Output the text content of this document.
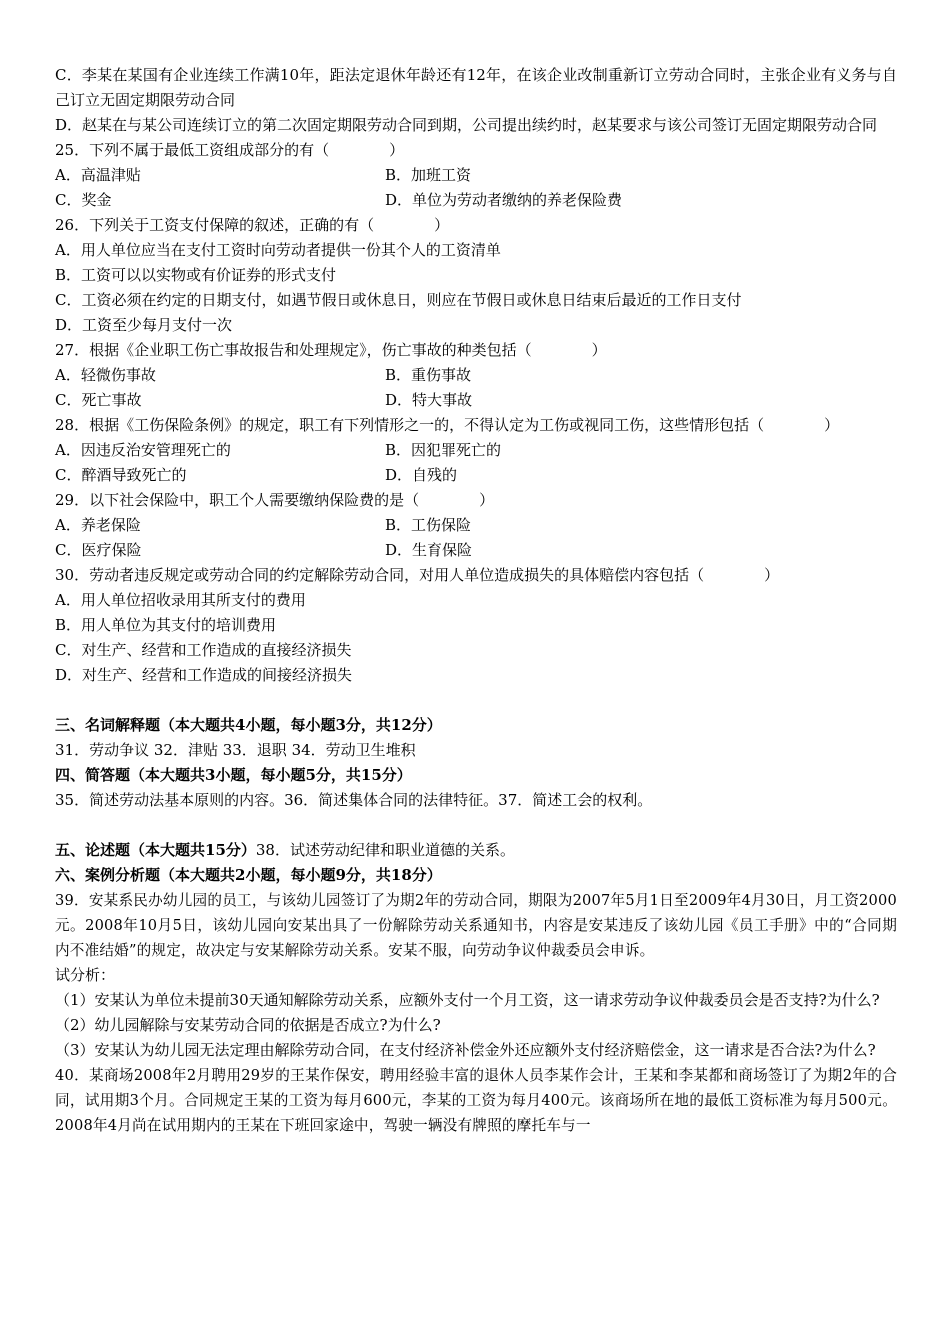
C．李某在某国有企业连续工作满10年，距法定退休年龄还有12年，在该企业改制重新订立劳动合同时，主张企业有义务与自己订立无固定期限劳动合同

D．赵某在与某公司连续订立的第二次固定期限劳动合同到期，公司提出续约时，赵某要求与该公司签订无固定期限劳动合同

25．下列不属于最低工资组成部分的有（　　　　）

A．高温津贴	B．加班工资
C．奖金	D．单位为劳动者缴纳的养老保险费

26．下列关于工资支付保障的叙述，正确的有（　　　　）

A．用人单位应当在支付工资时向劳动者提供一份其个人的工资清单

B．工资可以以实物或有价证券的形式支付

C．工资必须在约定的日期支付，如遇节假日或休息日，则应在节假日或休息日结束后最近的工作日支付

D．工资至少每月支付一次

27．根据《企业职工伤亡事故报告和处理规定》，伤亡事故的种类包括（　　　　）

A．轻微伤事故	B．重伤事故
C．死亡事故	D．特大事故

28．根据《工伤保险条例》的规定，职工有下列情形之一的，不得认定为工伤或视同工伤，这些情形包括（　　　　）

A．因违反治安管理死亡的	B．因犯罪死亡的
C．醉酒导致死亡的	D．自残的

29．以下社会保险中，职工个人需要缴纳保险费的是（　　　　）

A．养老保险	B．工伤保险
C．医疗保险	D．生育保险

30．劳动者违反规定或劳动合同的约定解除劳动合同，对用人单位造成损失的具体赔偿内容包括（　　　　）

A．用人单位招收录用其所支付的费用

B．用人单位为其支付的培训费用

C．对生产、经营和工作造成的直接经济损失

D．对生产、经营和工作造成的间接经济损失

三、名词解释题（本大题共4小题，每小题3分，共12分）

31．劳动争议 32．津贴 33．退职 34．劳动卫生堆积

四、简答题（本大题共3小题，每小题5分，共15分）

35．简述劳动法基本原则的内容。36．简述集体合同的法律特征。37．简述工会的权利。

五、论述题（本大题共15分）38．试述劳动纪律和职业道德的关系。

六、案例分析题（本大题共2小题，每小题9分，共18分）

39．安某系民办幼儿园的员工，与该幼儿园签订了为期2年的劳动合同，期限为2007年5月1日至2009年4月30日，月工资2000元。2008年10月5日，该幼儿园向安某出具了一份解除劳动关系通知书，内容是安某违反了该幼儿园《员工手册》中的“合同期内不准结婚”的规定，故决定与安某解除劳动关系。安某不服，向劳动争议仲裁委员会申诉。

试分析：

（1）安某认为单位未提前30天通知解除劳动关系，应额外支付一个月工资，这一请求劳动争议仲裁委员会是否支持?为什么?

（2）幼儿园解除与安某劳动合同的依据是否成立?为什么?

（3）安某认为幼儿园无法定理由解除劳动合同，在支付经济补偿金外还应额外支付经济赔偿金，这一请求是否合法?为什么?

40．某商场2008年2月聘用29岁的王某作保安，聘用经验丰富的退休人员李某作会计，王某和李某都和商场签订了为期2年的合同，试用期3个月。合同规定王某的工资为每月600元，李某的工资为每月400元。该商场所在地的最低工资标准为每月500元。2008年4月尚在试用期内的王某在下班回家途中，驾驶一辆没有牌照的摩托车与一
